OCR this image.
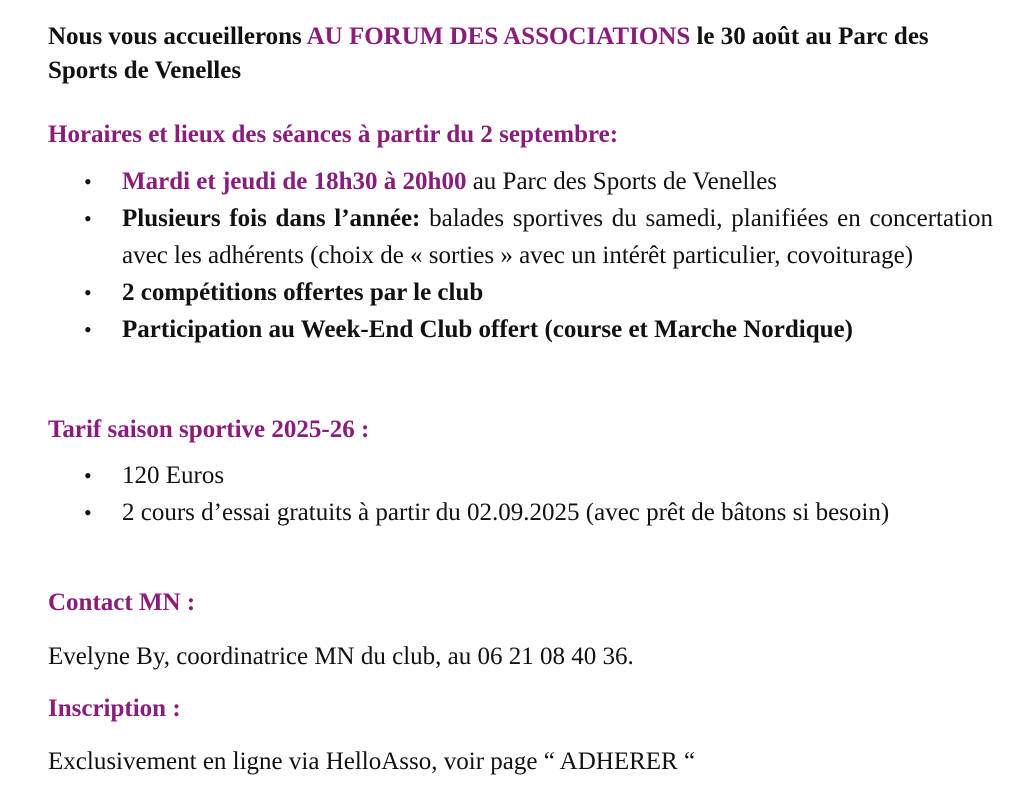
Nous vous accueillerons AU FORUM DES ASSOCIATIONS le 30 août au Parc des Sports de Venelles
Horaires et lieux des séances à partir du 2 septembre:
• Mardi et jeudi de 18h30 à 20h00 au Parc des Sports de Venelles
• Plusieurs fois dans l’année: balades sportives du samedi, planifiées en concertation avec les adhérents (choix de « sorties » avec un intérêt particulier, covoiturage)
• 2 compétitions offertes par le club
• Participation au Week-End Club offert (course et Marche Nordique)
Tarif saison sportive 2025-26 :
• 120 Euros
• 2 cours d’essai gratuits à partir du 02.09.2025 (avec prêt de bâtons si besoin)
Contact MN :
Evelyne By, coordinatrice MN du club, au 06 21 08 40 36.
Inscription :
Exclusivement en ligne via HelloAsso, voir page “ ADHERER “
